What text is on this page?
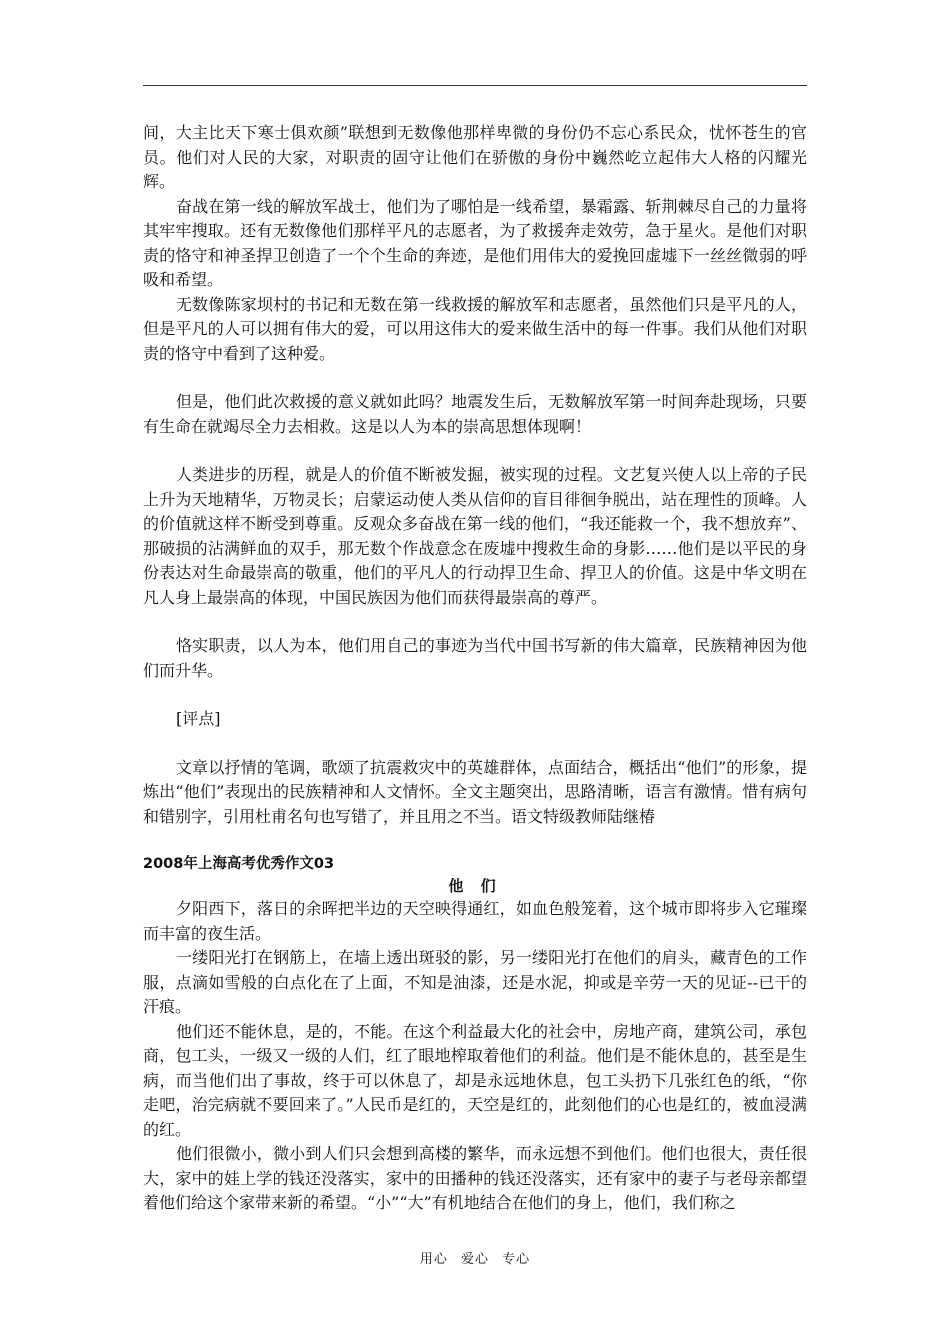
间，大主比天下寒士俱欢颜”联想到无数像他那样卑微的身份仍不忘心系民众，忧怀苍生的官员。他们对人民的大家，对职责的固守让他们在骄傲的身份中巍然屹立起伟大人格的闪耀光辉。

奋战在第一线的解放军战士，他们为了哪怕是一线希望，暴霜露、斩荆棘尽自己的力量将其牢牢搜取。还有无数像他们那样平凡的志愿者，为了救援奔走效劳，急于星火。是他们对职责的恪守和神圣捍卫创造了一个个生命的奔迹，是他们用伟大的爱挽回虚墟下一丝丝微弱的呼吸和希望。

无数像陈家坝村的书记和无数在第一线救援的解放军和志愿者，虽然他们只是平凡的人，但是平凡的人可以拥有伟大的爱，可以用这伟大的爱来做生活中的每一件事。我们从他们对职责的恪守中看到了这种爱。

但是，他们此次救援的意义就如此吗？地震发生后，无数解放军第一时间奔赴现场，只要有生命在就竭尽全力去相救。这是以人为本的崇高思想体现啊！

人类进步的历程，就是人的价值不断被发掘，被实现的过程。文艺复兴使人以上帝的子民上升为天地精华，万物灵长；启蒙运动使人类从信仰的盲目徘徊争脱出，站在理性的顶峰。人的价值就这样不断受到尊重。反观众多奋战在第一线的他们，“我还能救一个，我不想放弃”、那破损的沾满鲜血的双手，那无数个作战意念在废墟中搜救生命的身影……他们是以平民的身份表达对生命最崇高的敬重，他们的平凡人的行动捍卫生命、捍卫人的价值。这是中华文明在凡人身上最崇高的体现，中国民族因为他们而获得最崇高的尊严。

恪实职责，以人为本，他们用自己的事迹为当代中国书写新的伟大篇章，民族精神因为他们而升华。

[评点]

文章以抒情的笔调，歌颂了抗震救灾中的英雄群体，点面结合，概括出“他们”的形象，提炼出“他们”表现出的民族精神和人文情怀。全文主题突出，思路清晰，语言有激情。惜有病句和错别字，引用杜甫名句也写错了，并且用之不当。语文特级教师陆继椿

2008年上海高考优秀作文03

他 们

夕阳西下，落日的余晖把半边的天空映得通红，如血色般笼着，这个城市即将步入它璀璨而丰富的夜生活。

一缕阳光打在钢筋上，在墙上透出斑驳的影，另一缕阳光打在他们的肩头，藏青色的工作服，点滴如雪般的白点化在了上面，不知是油漆，还是水泥，抑或是辛劳一天的见证--已干的汗痕。

他们还不能休息，是的，不能。在这个利益最大化的社会中，房地产商，建筑公司，承包商，包工头，一级又一级的人们，红了眼地榨取着他们的利益。他们是不能休息的，甚至是生病，而当他们出了事故，终于可以休息了，却是永远地休息，包工头扔下几张红色的纸，“你走吧，治完病就不要回来了。”人民币是红的，天空是红的，此刻他们的心也是红的，被血浸满的红。

他们很微小，微小到人们只会想到高楼的繁华，而永远想不到他们。他们也很大，责任很大，家中的娃上学的钱还没落实，家中的田播种的钱还没落实，还有家中的妻子与老母亲都望着他们给这个家带来新的希望。“小”“大”有机地结合在他们的身上，他们，我们称之

用心 爱心 专心
